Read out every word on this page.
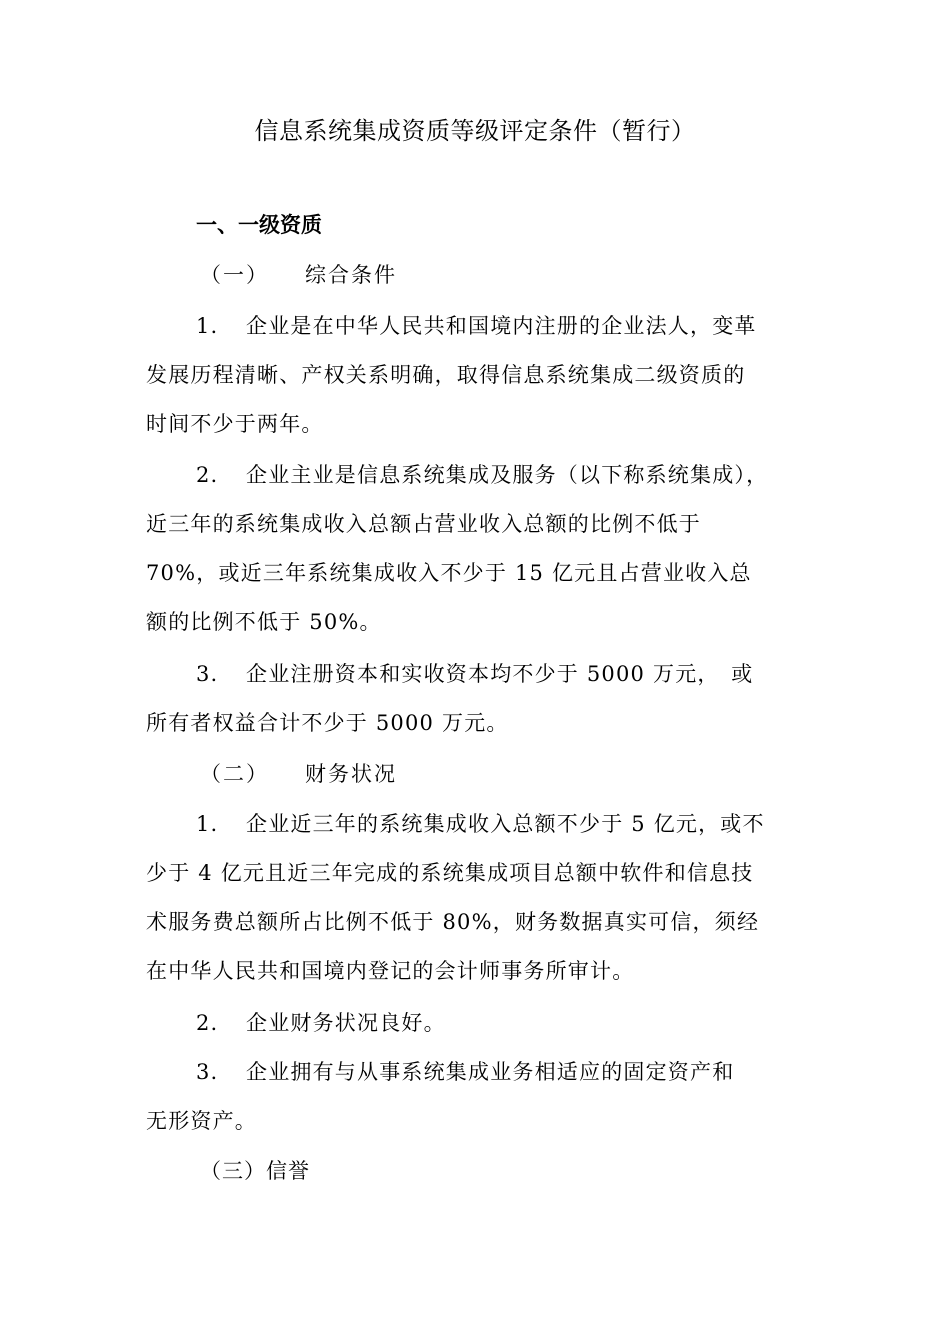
信息系统集成资质等级评定条件（暂行）
一、一级资质
（一） 综合条件
1. 企业是在中华人民共和国境内注册的企业法人，变革
发展历程清晰、产权关系明确，取得信息系统集成二级资质的
时间不少于两年。
2. 企业主业是信息系统集成及服务（以下称系统集成），
近三年的系统集成收入总额占营业收入总额的比例不低于
70%，或近三年系统集成收入不少于 15 亿元且占营业收入总
额的比例不低于 50%。
3. 企业注册资本和实收资本均不少于 5000 万元，　或
所有者权益合计不少于 5000 万元。
（二） 财务状况
1. 企业近三年的系统集成收入总额不少于 5 亿元，或不
少于 4 亿元且近三年完成的系统集成项目总额中软件和信息技
术服务费总额所占比例不低于 80%，财务数据真实可信，须经
在中华人民共和国境内登记的会计师事务所审计。
2. 企业财务状况良好。
3. 企业拥有与从事系统集成业务相适应的固定资产和
无形资产。
（三）信誉
